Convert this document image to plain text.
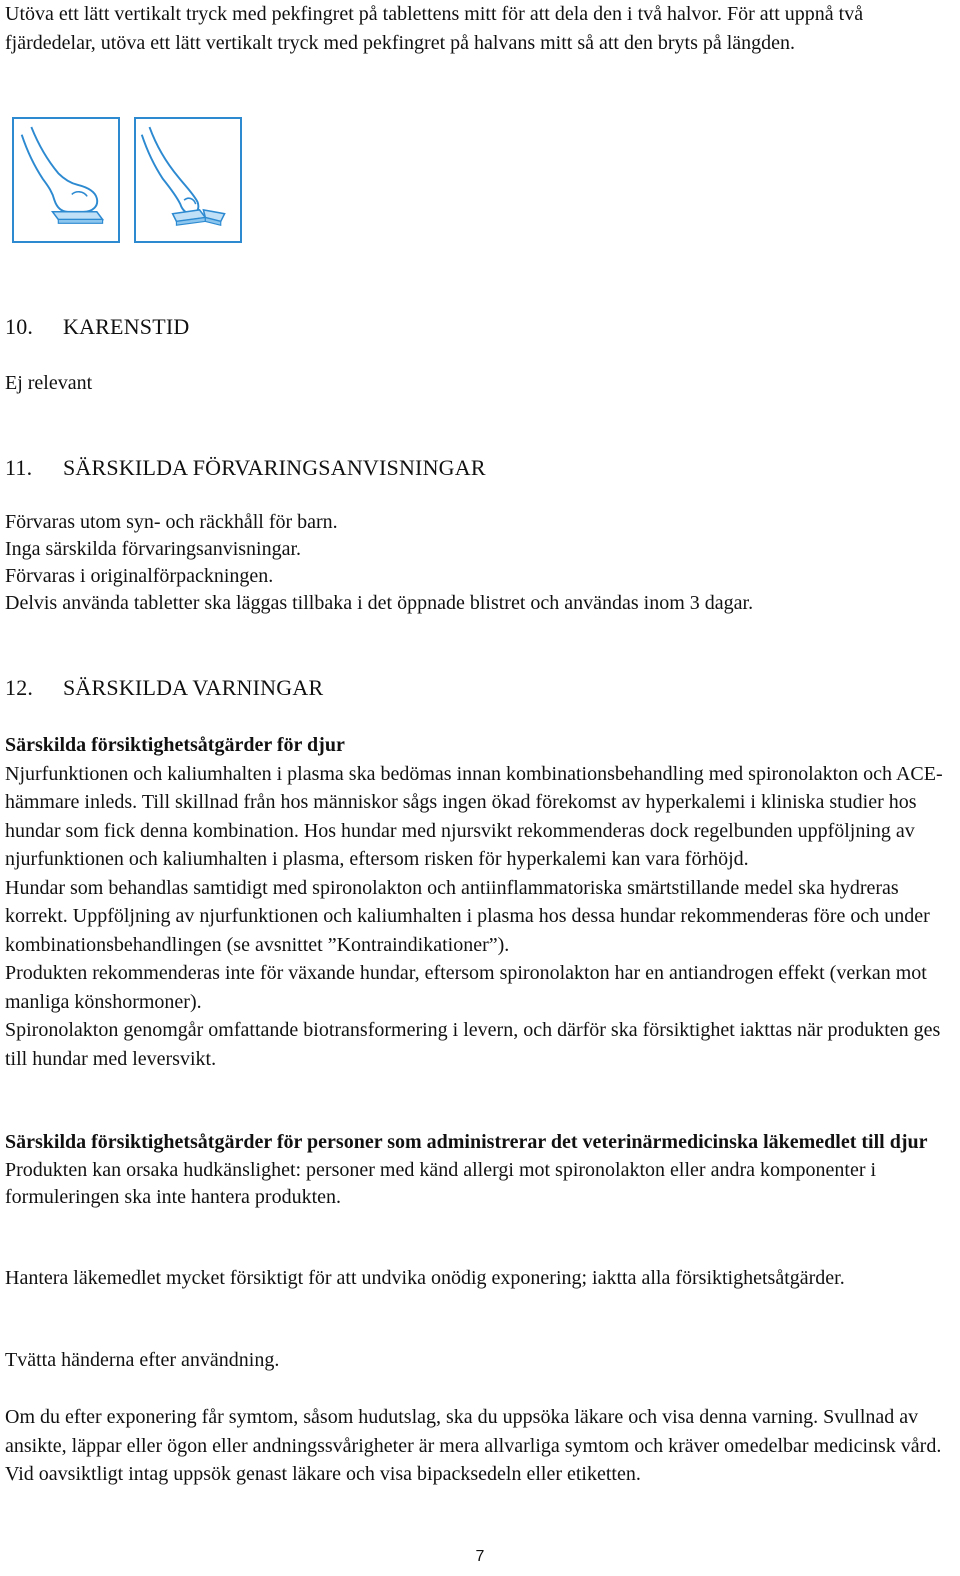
Utöva ett lätt vertikalt tryck med pekfingret på tablettens mitt för att dela den i två halvor. För att uppnå två fjärdedelar, utöva ett lätt vertikalt tryck med pekfingret på halvans mitt så att den bryts på längden.

10. KARENSTID

Ej relevant

11. SÄRSKILDA FÖRVARINGSANVISNINGAR

Förvaras utom syn- och räckhåll för barn.

Inga särskilda förvaringsanvisningar.

Förvaras i originalförpackningen.

Delvis använda tabletter ska läggas tillbaka i det öppnade blistret och användas inom 3 dagar.

12. SÄRSKILDA VARNINGAR

Särskilda försiktighetsåtgärder för djur

Njurfunktionen och kaliumhalten i plasma ska bedömas innan kombinationsbehandling med spironolakton och ACE-hämmare inleds. Till skillnad från hos människor sågs ingen ökad förekomst av hyperkalemi i kliniska studier hos hundar som fick denna kombination. Hos hundar med njursvikt rekommenderas dock regelbunden uppföljning av njurfunktionen och kaliumhalten i plasma, eftersom risken för hyperkalemi kan vara förhöjd.

Hundar som behandlas samtidigt med spironolakton och antiinflammatoriska smärtstillande medel ska hydreras korrekt. Uppföljning av njurfunktionen och kaliumhalten i plasma hos dessa hundar rekommenderas före och under kombinationsbehandlingen (se avsnittet ”Kontraindikationer”).

Produkten rekommenderas inte för växande hundar, eftersom spironolakton har en antiandrogen effekt (verkan mot manliga könshormoner).

Spironolakton genomgår omfattande biotransformering i levern, och därför ska försiktighet iakttas när produkten ges till hundar med leversvikt.

Särskilda försiktighetsåtgärder för personer som administrerar det veterinärmedicinska läkemedlet till djur

Produkten kan orsaka hudkänslighet: personer med känd allergi mot spironolakton eller andra komponenter i formuleringen ska inte hantera produkten.

Hantera läkemedlet mycket försiktigt för att undvika onödig exponering; iaktta alla försiktighetsåtgärder.

Tvätta händerna efter användning.

Om du efter exponering får symtom, såsom hudutslag, ska du uppsöka läkare och visa denna varning. Svullnad av ansikte, läppar eller ögon eller andningssvårigheter är mera allvarliga symtom och kräver omedelbar medicinsk vård.

Vid oavsiktligt intag uppsök genast läkare och visa bipacksedeln eller etiketten.

7
